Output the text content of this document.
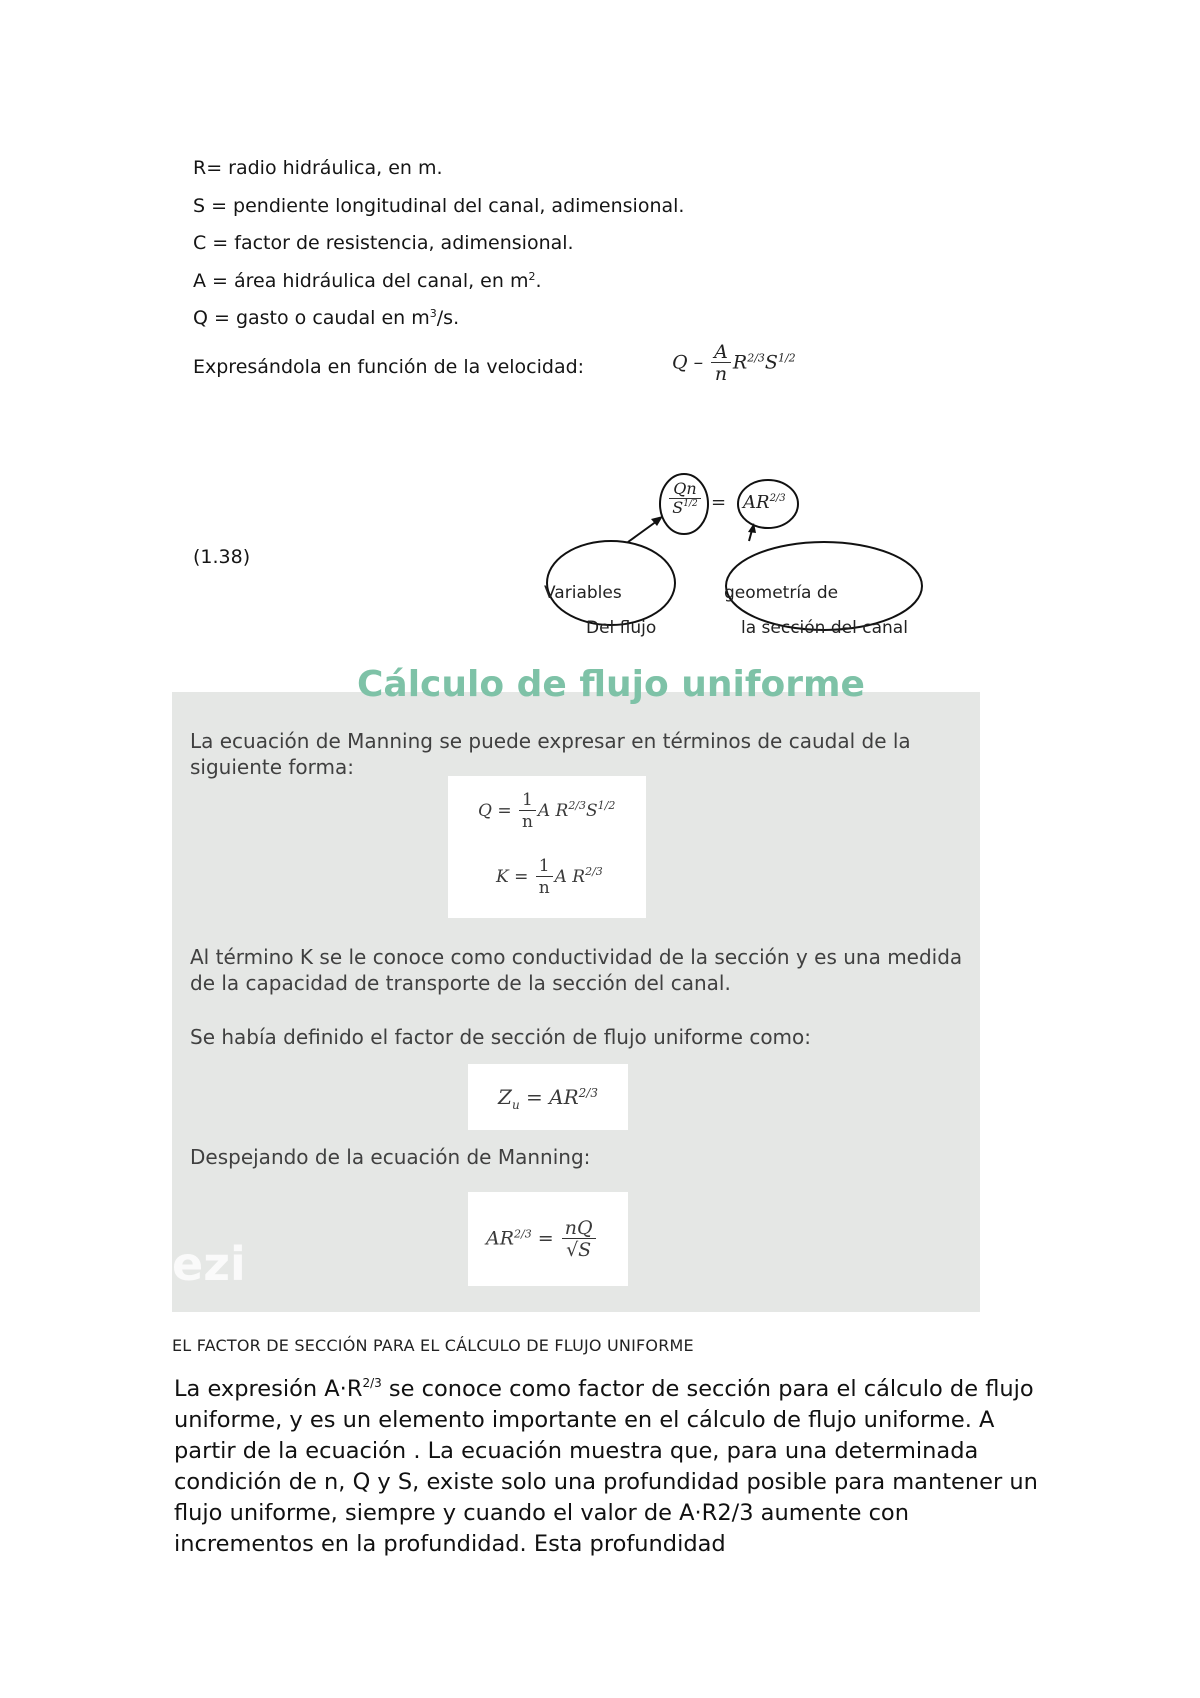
R= radio hidráulica, en m.
S = pendiente longitudinal del canal, adimensional.
C = factor de resistencia, adimensional.
A = área hidráulica del canal, en $m^2$.
Q = gasto o caudal en $m^3/s$.
Expresándola en función de la velocidad:	Q – $\frac{A}{n} R^{2/3}S^{1/2}$
(1.38)
Qn
$S^{1/2} = AR^{2/3}$
Variables
Del flujo
geometría de
la sección del canal
Cálculo de flujo uniforme
La ecuación de Manning se puede expresar en términos de caudal de la siguiente forma:
$Q = \frac{1}{n}$ A $R^{2/3}S^{1/2}$
$K = \frac{1}{n}$ A $R^{2/3}$
Al término K se le conoce como conductividad de la sección y es una medida de la capacidad de transporte de la sección del canal.
Se había definido el factor de sección de flujo uniforme como:
$Z_u = AR^{2/3}$
Despejando de la ecuación de Manning:
$AR^{2/3} = \frac{nQ}{√S}$
ezi
EL FACTOR DE SECCIÓN PARA EL CÁLCULO DE FLUJO UNIFORME
La expresión $A\cdot R^{2/3}$ se conoce como factor de sección para el cálculo de flujo uniforme, y es un elemento importante en el cálculo de flujo uniforme. A partir de la ecuación . La ecuación muestra que, para una determinada condición de n, Q y S, existe solo una profundidad posible para mantener un flujo uniforme, siempre y cuando el valor de A·R2/3 aumente con incrementos en la profundidad. Esta profundidad
